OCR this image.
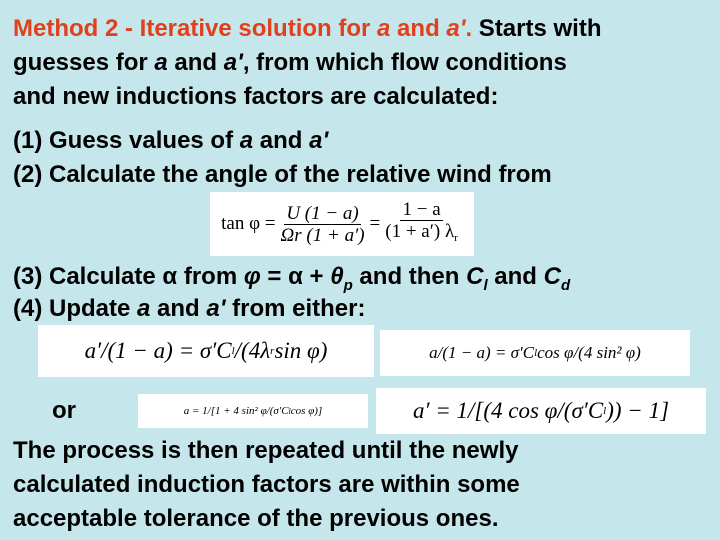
Method 2 - Iterative solution for a and a'. Starts with

guesses for a and a', from which flow conditions

and new inductions factors are calculated:

(1) Guess values of a and a'

(2) Calculate the angle of the relative wind from

$\tan \varphi = \frac{U (1 - a)}{\Omega r (1 + a')} = \frac{1 - a}{(1 + a') \lambda_r}$

(3) Calculate α from $\varphi = \alpha + \theta_p$ and then $C_l$ and $C_d$

(4) Update a and a' from either:

a′/(1 − a) = σ′C l /(4λ r sin φ)	a/(1 − a) = σ′C l cos φ/(4 sin² φ)
or	a = 1/[1 + 4 sin² φ/(σ′C l cos φ)]	a′ = 1/[(4 cos φ/(σ′C l )) − 1]

The process is then repeated until the newly

calculated induction factors are within some

acceptable tolerance of the previous ones.
